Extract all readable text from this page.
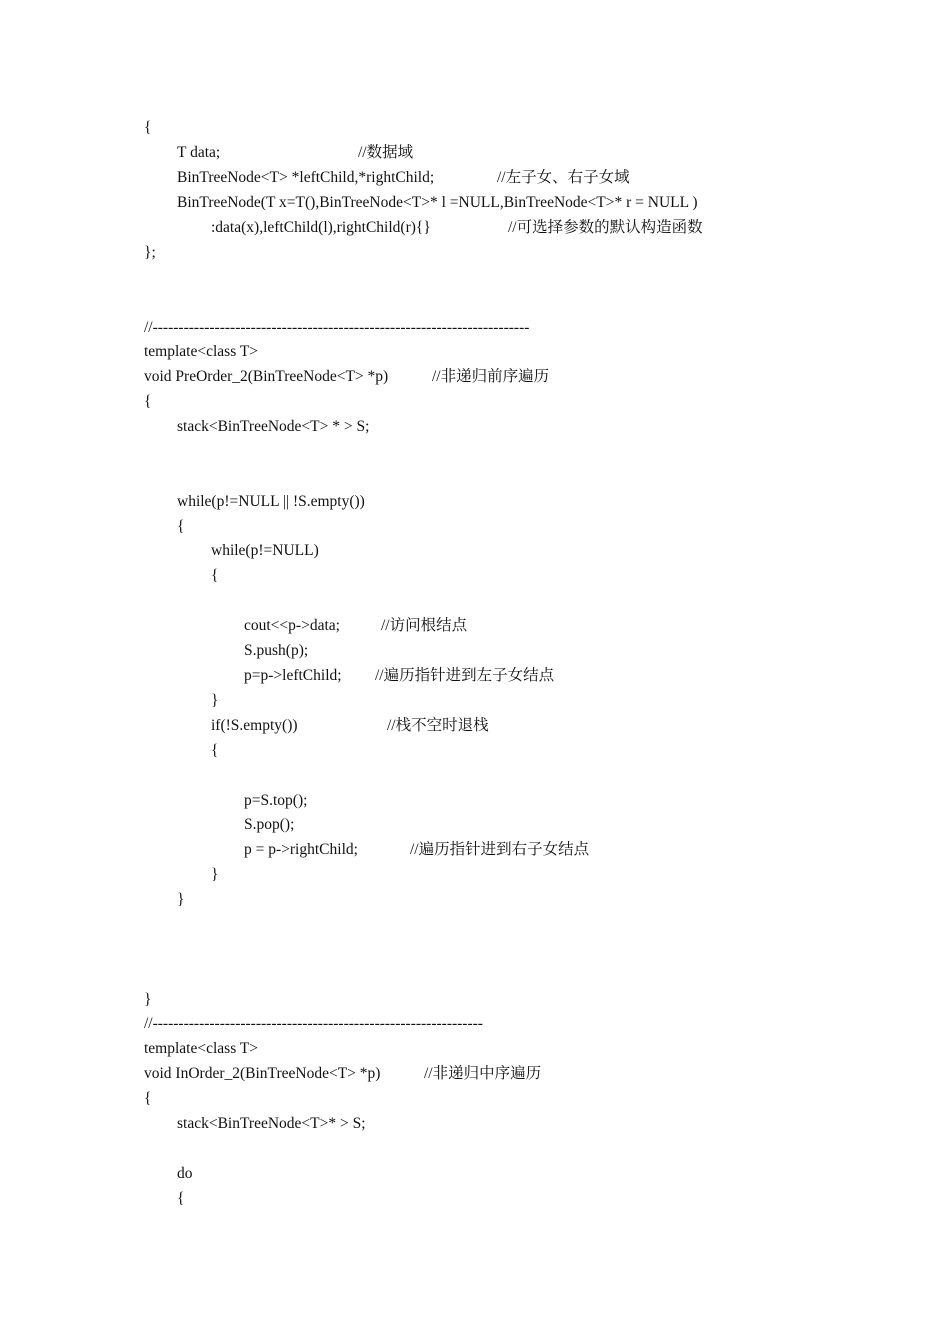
{
T data;	//数据域
BinTreeNode<T> *leftChild,*rightChild;	//左子女、右子女域
BinTreeNode(T x=T(),BinTreeNode<T>* l =NULL,BinTreeNode<T>* r = NULL )
:data(x),leftChild(l),rightChild(r){}	//可选择参数的默认构造函数
};
//-------------------------------------------------------------------------
template<class T>
void PreOrder_2(BinTreeNode<T> *p)	//非递归前序遍历
{
stack<BinTreeNode<T> * > S;
while(p!=NULL || !S.empty())
{
while(p!=NULL)
{
cout<<p->data;	//访问根结点
S.push(p);
p=p->leftChild; //遍历指针进到左子女结点
}
if(!S.empty())	//栈不空时退栈
{
p=S.top();
S.pop();
p = p->rightChild;	//遍历指针进到右子女结点
}
}
}
//----------------------------------------------------------------
template<class T>
void InOrder_2(BinTreeNode<T> *p)	//非递归中序遍历
{
stack<BinTreeNode<T>* > S;
do
{
